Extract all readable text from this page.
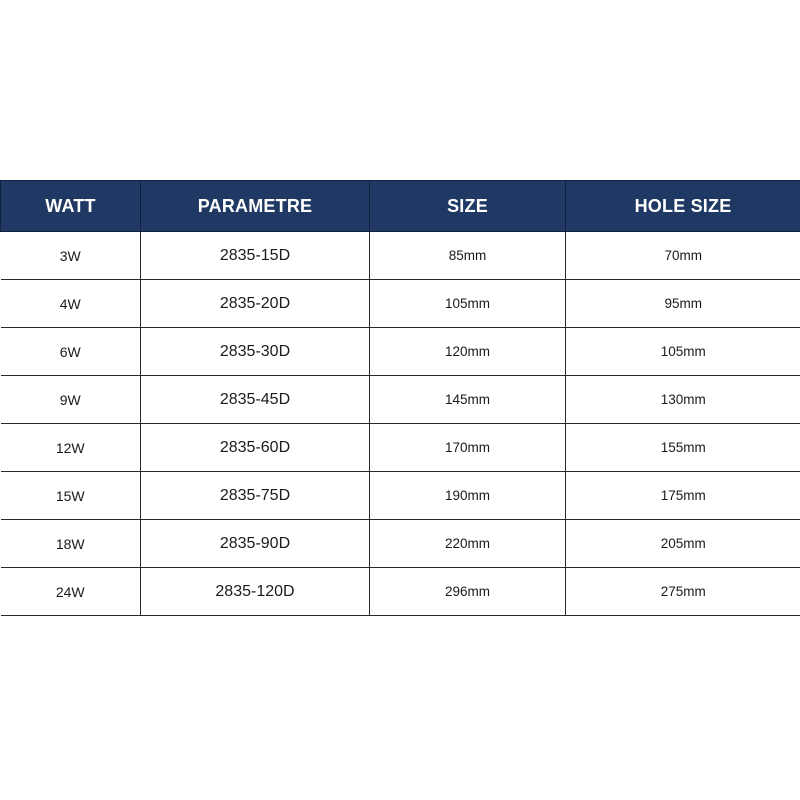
WATT	PARAMETRE	SIZE	HOLE SIZE
3W	2835-15D	85mm	70mm
4W	2835-20D	105mm	95mm
6W	2835-30D	120mm	105mm
9W	2835-45D	145mm	130mm
12W	2835-60D	170mm	155mm
15W	2835-75D	190mm	175mm
18W	2835-90D	220mm	205mm
24W	2835-120D	296mm	275mm
